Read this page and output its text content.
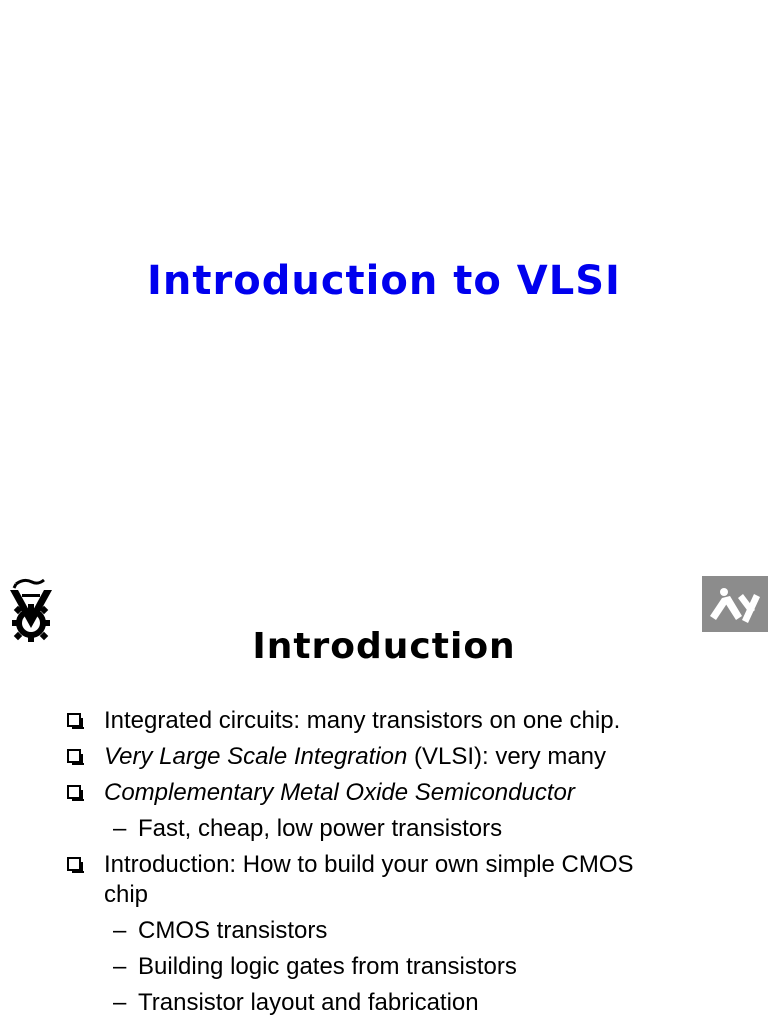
Introduction to VLSI
Introduction
Integrated circuits: many transistors on one chip.
Very Large Scale Integration (VLSI): very many
Complementary Metal Oxide Semiconductor
– Fast, cheap, low power transistors
Introduction: How to build your own simple CMOS chip
– CMOS transistors
– Building logic gates from transistors
– Transistor layout and fabrication
